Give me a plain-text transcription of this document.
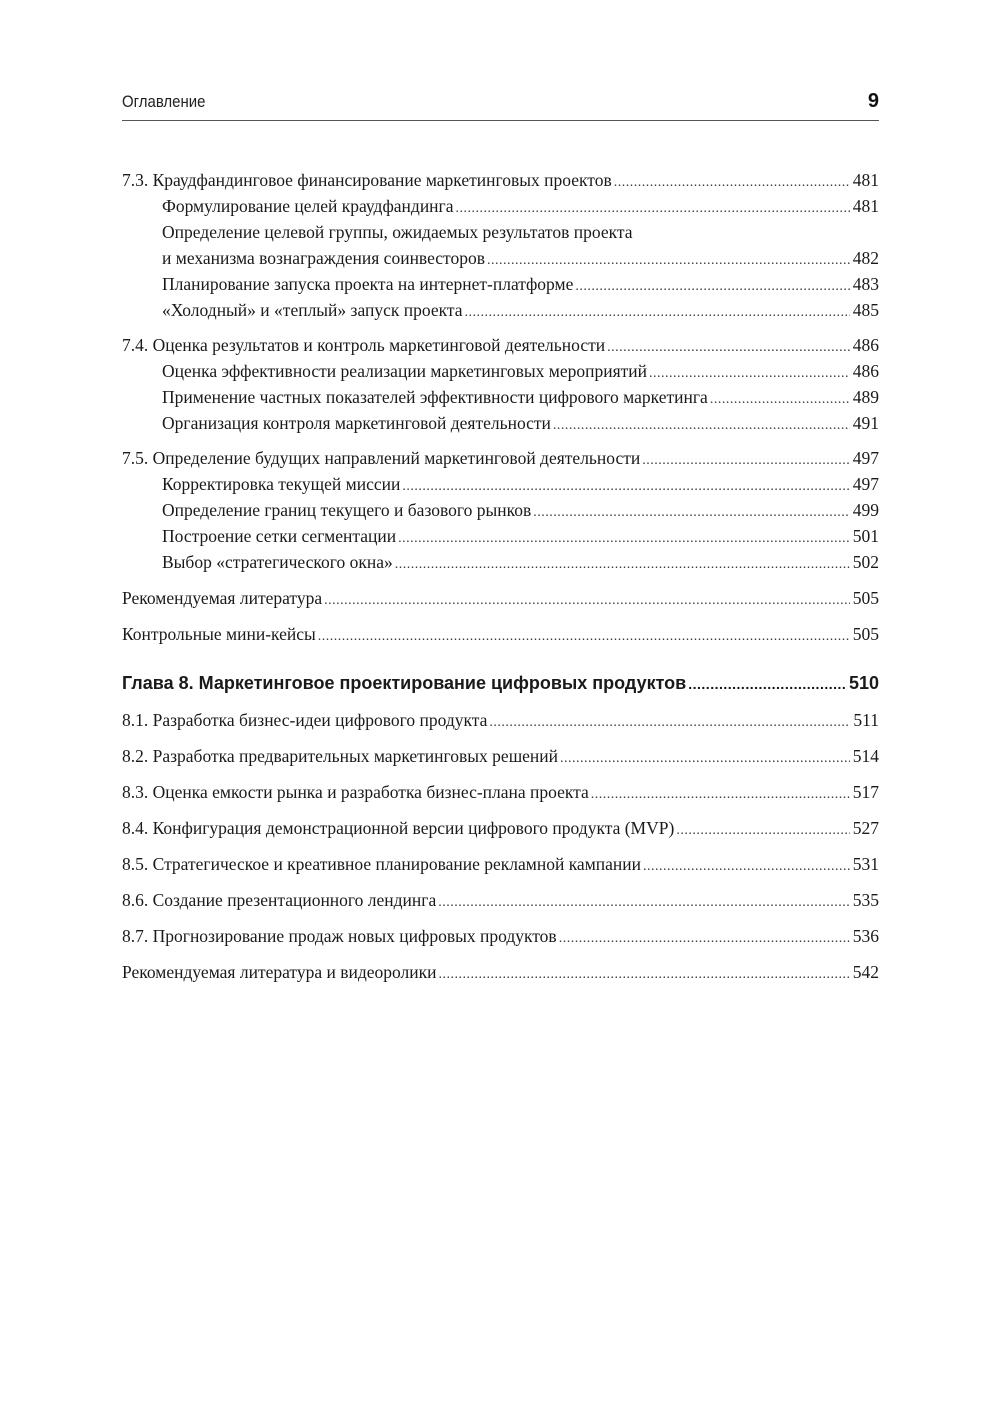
Оглавление	9
7.3. Краудфандинговое финансирование маркетинговых проектов .....	481
Формулирование целей краудфандинга .....	481
Определение целевой группы, ожидаемых результатов проекта
и механизма вознаграждения соинвесторов .....	482
Планирование запуска проекта на интернет-платформе .....	483
«Холодный» и «теплый» запуск проекта .....	485
7.4. Оценка результатов и контроль маркетинговой деятельности .....	486
Оценка эффективности реализации маркетинговых мероприятий .....	486
Применение частных показателей эффективности цифрового маркетинга .....	489
Организация контроля маркетинговой деятельности .....	491
7.5. Определение будущих направлений маркетинговой деятельности .....	497
Корректировка текущей миссии .....	497
Определение границ текущего и базового рынков .....	499
Построение сетки сегментации .....	501
Выбор «стратегического окна» .....	502
Рекомендуемая литература .....	505
Контрольные мини-кейсы .....	505
Глава 8. Маркетинговое проектирование цифровых продуктов .....	510
8.1. Разработка бизнес-идеи цифрового продукта .....	511
8.2. Разработка предварительных маркетинговых решений .....	514
8.3. Оценка емкости рынка и разработка бизнес-плана проекта .....	517
8.4. Конфигурация демонстрационной версии цифрового продукта (MVP) .....	527
8.5. Стратегическое и креативное планирование рекламной кампании .....	531
8.6. Создание презентационного лендинга .....	535
8.7. Прогнозирование продаж новых цифровых продуктов .....	536
Рекомендуемая литература и видеоролики .....	542
